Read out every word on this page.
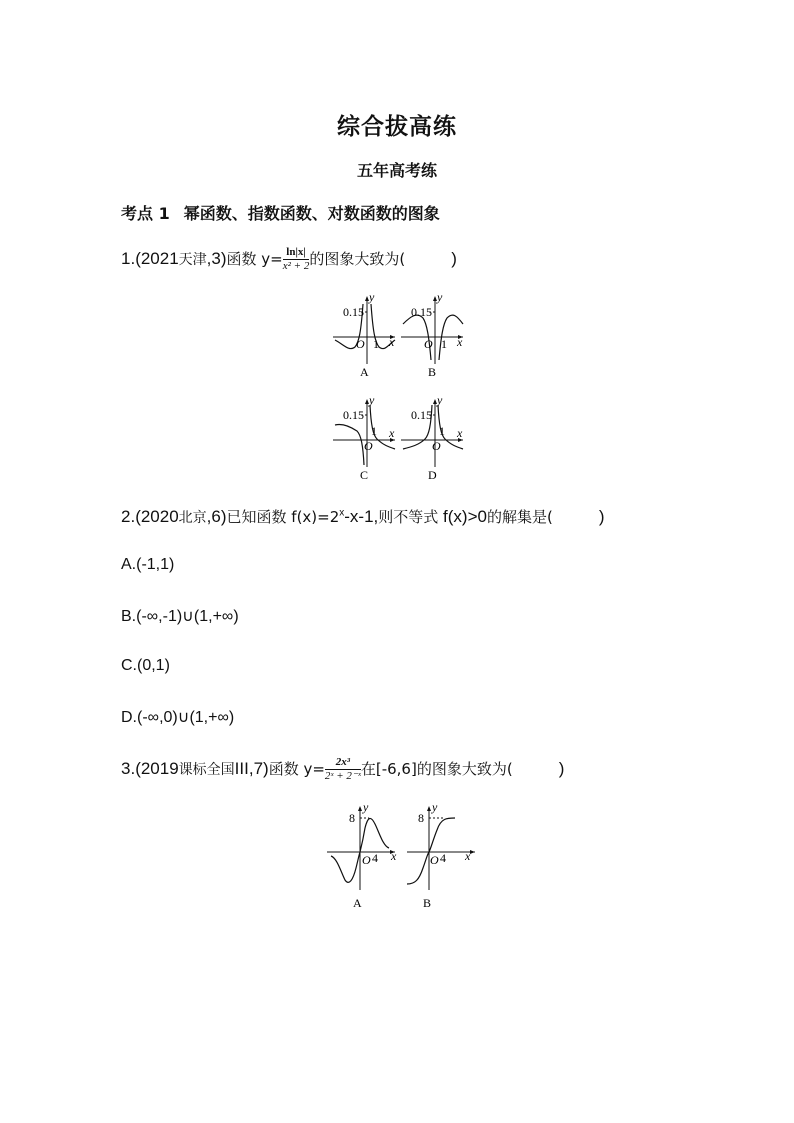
综合拔高练
五年高考练
考点 1 幂函数、指数函数、对数函数的图象
1.(2021天津,3)函数 $y= \frac{\ln|x|}{\text{x² + 2}}$ 的图象大致为(	)
0.15
y
x
O 1
A
0.15
y
x
O 1
B
0.15
y
x
O
1
C
0.15
y
x
O
1
D
2.(2020北京,6)已知函数 $f(x)=2^x-x-1$,则不等式 f(x)>0的解集是(	)
A.(-1,1)
B.(-∞,-1)∪(1,+∞)
C.(0,1)
D.(-∞,0)∪(1,+∞)
3.(2019课标全国III,7)函数 $y= \frac{\text{2x³}}{\text{2ˣ + 2⁻ˣ}}$ 在[-6,6]的图象大致为(	)
8
y
x
O 4
A
8
y
x
O 4
B
